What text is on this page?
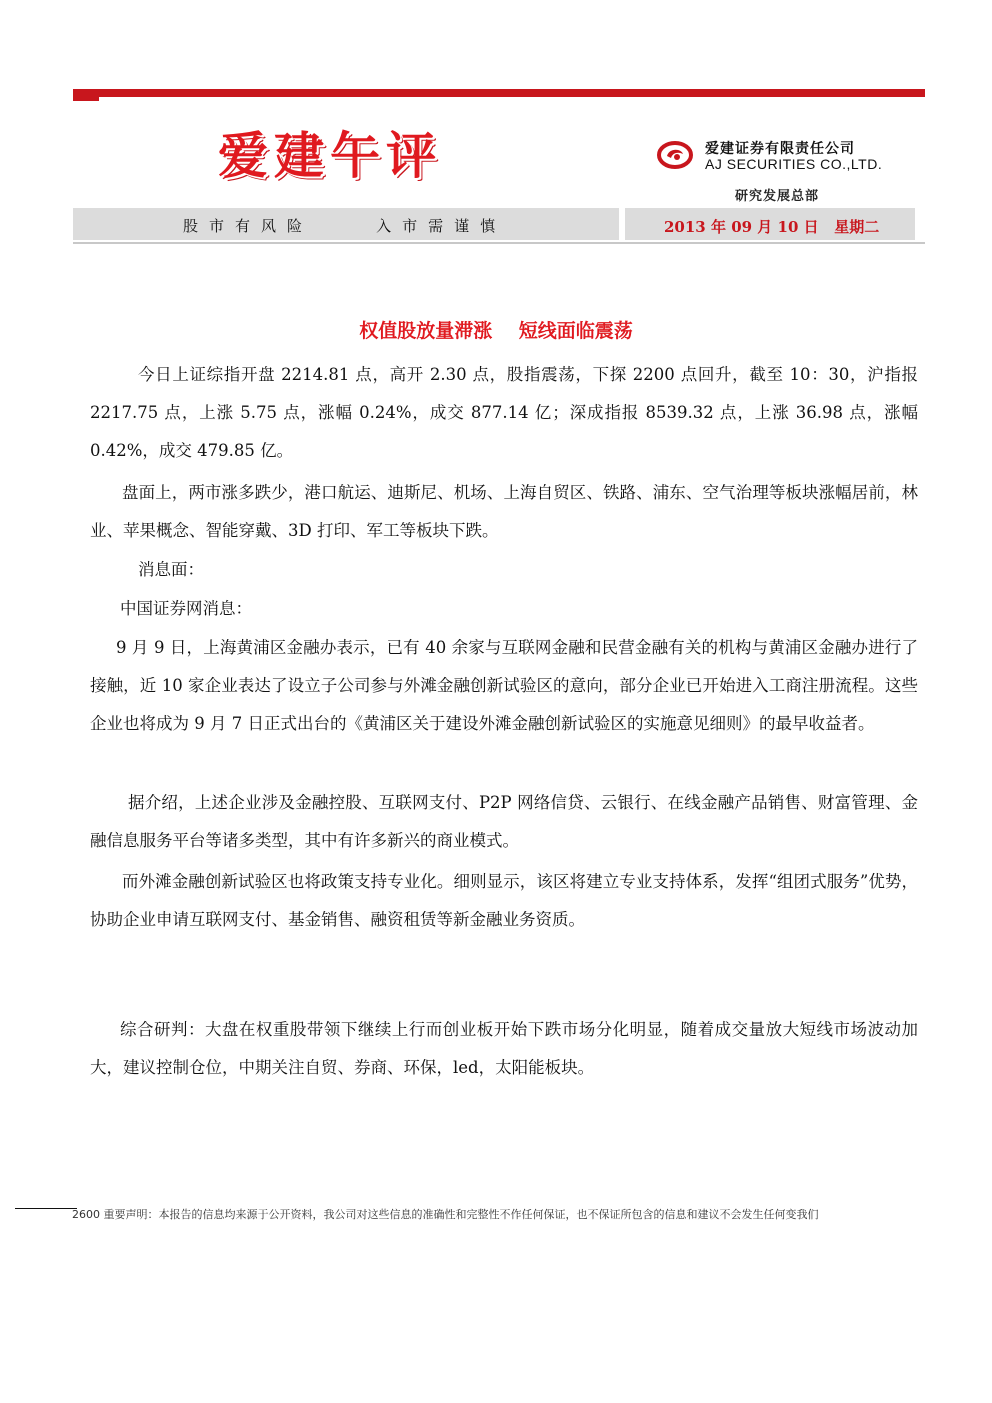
爱建午评	爱建证券有限责任公司
AJ SECURITIES CO.,LTD.
研究发展总部
股市有风险    入市需谨慎	2013 年 09 月 10 日   星期二
权值股放量滞涨    短线面临震荡
今日上证综指开盘 2214.81 点，高开 2.30 点，股指震荡，下探 2200 点回升，截至 10：30，沪指报 2217.75 点，上涨 5.75 点，涨幅 0.24%，成交 877.14 亿；深成指报 8539.32 点，上涨 36.98 点，涨幅 0.42%，成交 479.85 亿。
盘面上，两市涨多跌少，港口航运、迪斯尼、机场、上海自贸区、铁路、浦东、空气治理等板块涨幅居前，林业、苹果概念、智能穿戴、3D 打印、军工等板块下跌。
消息面：
中国证券网消息：
9 月 9 日，上海黄浦区金融办表示，已有 40 余家与互联网金融和民营金融有关的机构与黄浦区金融办进行了接触，近 10 家企业表达了设立子公司参与外滩金融创新试验区的意向，部分企业已开始进入工商注册流程。这些企业也将成为 9 月 7 日正式出台的《黄浦区关于建设外滩金融创新试验区的实施意见细则》的最早收益者。
据介绍，上述企业涉及金融控股、互联网支付、P2P 网络信贷、云银行、在线金融产品销售、财富管理、金融信息服务平台等诸多类型，其中有许多新兴的商业模式。
而外滩金融创新试验区也将政策支持专业化。细则显示，该区将建立专业支持体系，发挥“组团式服务”优势，协助企业申请互联网支付、基金销售、融资租赁等新金融业务资质。
综合研判：大盘在权重股带领下继续上行而创业板开始下跌市场分化明显，随着成交量放大短线市场波动加大，建议控制仓位，中期关注自贸、券商、环保，led，太阳能板块。
2600 重要声明：本报告的信息均来源于公开资料，我公司对这些信息的准确性和完整性不作任何保证，也不保证所包含的信息和建议不会发生任何变我们
